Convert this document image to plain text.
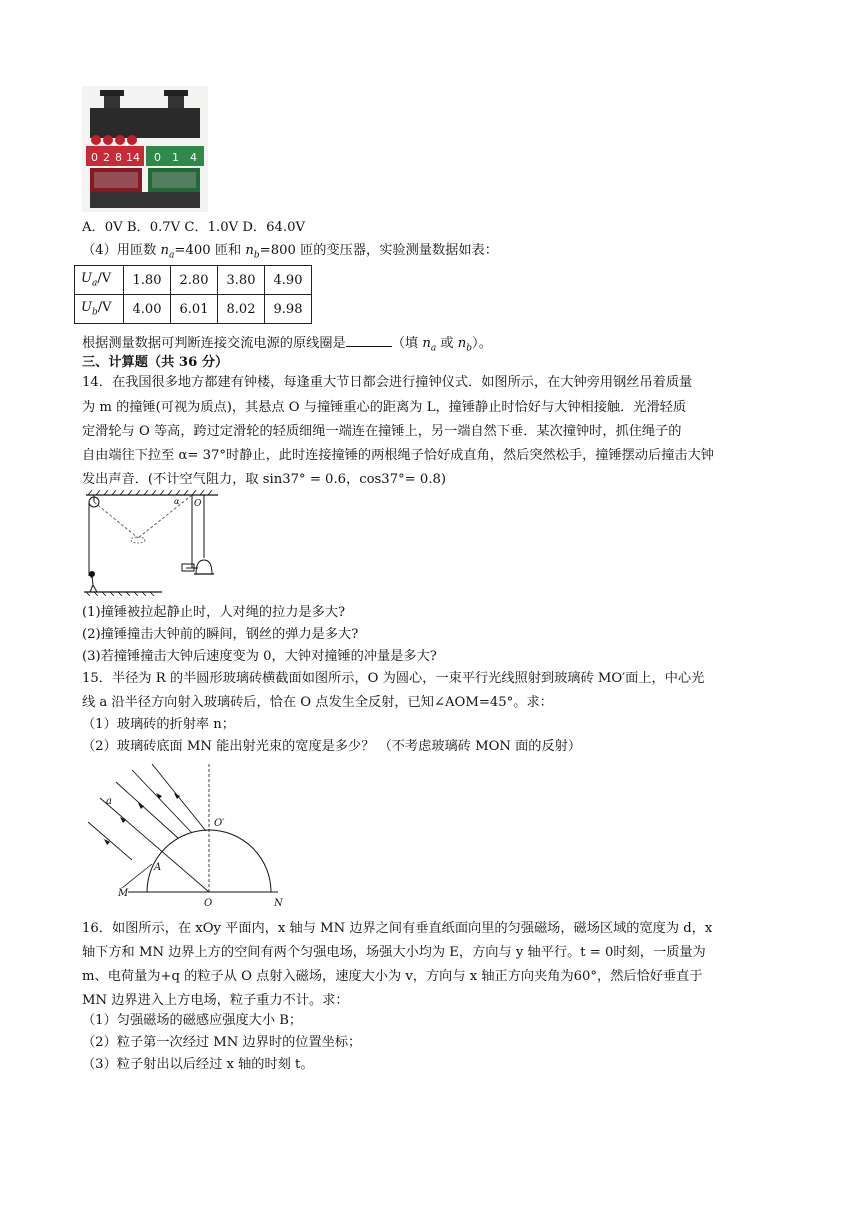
0 2 8 14 0 1 4
A．0V B．0.7V C．1.0V D．64.0V
（4）用匝数 $n_a=400$ 匝和 $n_b=800$ 匝的变压器，实验测量数据如表：
$U_a/V$	1.80	2.80	3.80	4.90
$U_b/V$	4.00	6.01	8.02	9.98
根据测量数据可判断连接交流电源的原线圈是	（填 $n_a$ 或 $n_b$）。
三、计算题（共 36 分）
14．在我国很多地方都建有钟楼，每逢重大节日都会进行撞钟仪式．如图所示，在大钟旁用钢丝吊着质量
为 m 的撞锤(可视为质点)，其悬点 O 与撞锤重心的距离为 L，撞锤静止时恰好与大钟相接触．光滑轻质
定滑轮与 O 等高，跨过定滑轮的轻质细绳一端连在撞锤上，另一端自然下垂．某次撞钟时，抓住绳子的
自由端往下拉至 α= 37°时静止，此时连接撞锤的两根绳子恰好成直角，然后突然松手，撞锤摆动后撞击大钟
发出声音．(不计空气阻力，取 sin37° = 0.6，cos37°= 0.8)
α O
(1)撞锤被拉起静止时，人对绳的拉力是多大?
(2)撞锤撞击大钟前的瞬间，钢丝的弹力是多大?
(3)若撞锤撞击大钟后速度变为 0，大钟对撞锤的冲量是多大?
15．半径为 R 的半圆形玻璃砖横截面如图所示，O 为圆心，一束平行光线照射到玻璃砖 MO′面上，中心光
线 a 沿半径方向射入玻璃砖后，恰在 O 点发生全反射，已知∠AOM=45°。求：
（1）玻璃砖的折射率 n；
（2）玻璃砖底面 MN 能出射光束的宽度是多少？ （不考虑玻璃砖 MON 面的反射）
a
O′
A
M
O	N
16．如图所示，在 xOy 平面内，x 轴与 MN 边界之间有垂直纸面向里的匀强磁场，磁场区域的宽度为 d，x
轴下方和 MN 边界上方的空间有两个匀强电场，场强大小均为 E，方向与 y 轴平行。t = 0时刻，一质量为
m、电荷量为+q 的粒子从 O 点射入磁场，速度大小为 v，方向与 x 轴正方向夹角为60°，然后恰好垂直于
MN 边界进入上方电场，粒子重力不计。求：
（1）匀强磁场的磁感应强度大小 B；
（2）粒子第一次经过 MN 边界时的位置坐标；
（3）粒子射出以后经过 x 轴的时刻 t。
